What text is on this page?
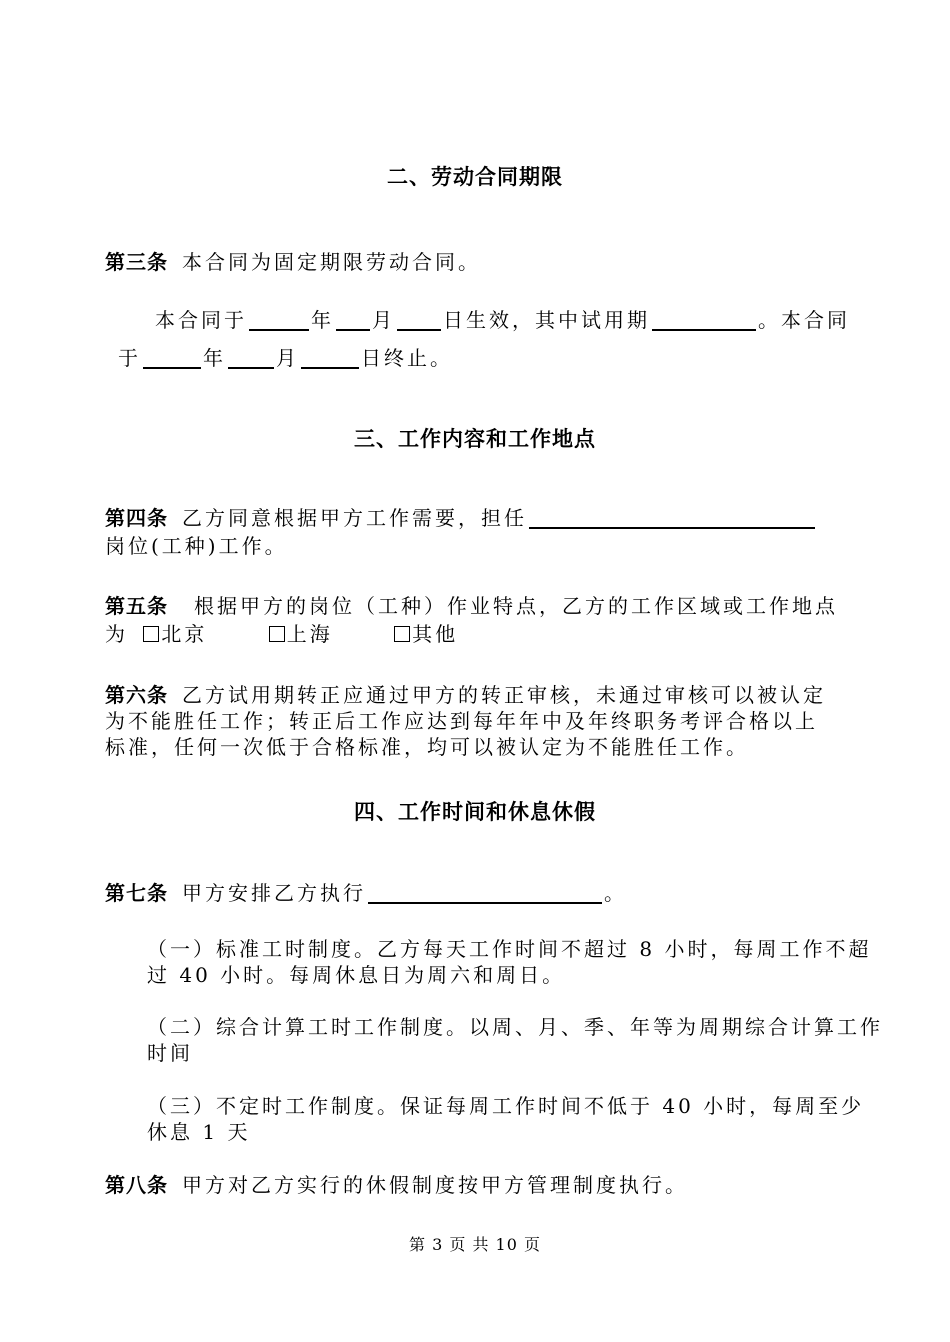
二、劳动合同期限
第三条 本合同为固定期限劳动合同。
本合同于	年 月 日生效，其中试用期	。本合同
于	年	月	日终止。
三、工作内容和工作地点
第四条 乙方同意根据甲方工作需要，担任
岗位(工种)工作。
第五条 根据甲方的岗位（工种）作业特点，乙方的工作区域或工作地点
为 北京	上海	其他
第六条 乙方试用期转正应通过甲方的转正审核，未通过审核可以被认定
为不能胜任工作；转正后工作应达到每年年中及年终职务考评合格以上
标准，任何一次低于合格标准，均可以被认定为不能胜任工作。
四、工作时间和休息休假
第七条 甲方安排乙方执行	。
（一）标准工时制度。乙方每天工作时间不超过 8 小时，每周工作不超
过 40 小时。每周休息日为周六和周日。
（二）综合计算工时工作制度。以周、月、季、年等为周期综合计算工作
时间
（三）不定时工作制度。保证每周工作时间不低于 40 小时，每周至少
休息 1 天
第八条 甲方对乙方实行的休假制度按甲方管理制度执行。
第 3 页 共 10 页
